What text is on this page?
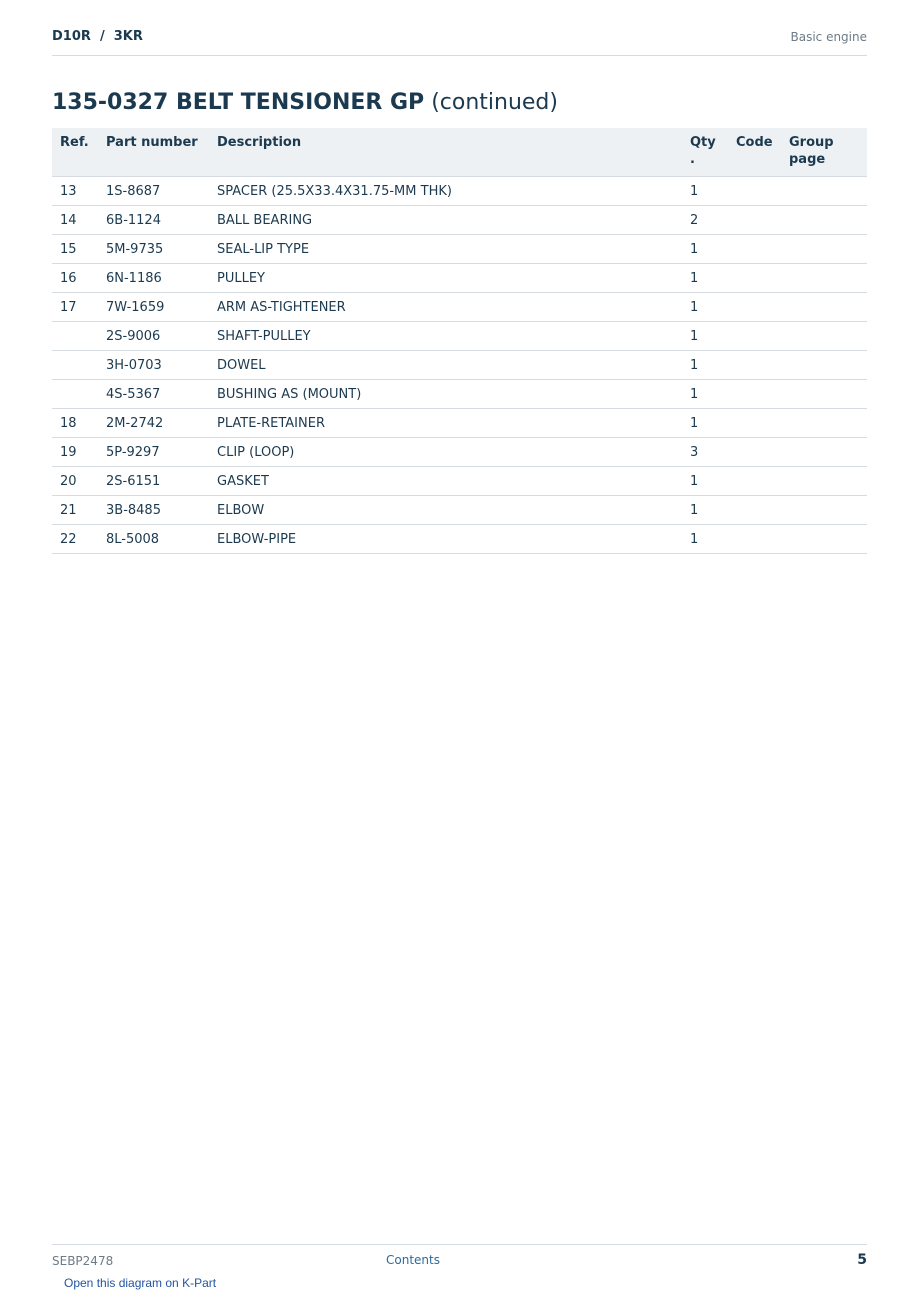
D10R  /  3KR	Basic engine
135-0327 BELT TENSIONER GP (continued)
Ref.	Part number	Description	Qty .	Code	Group page
13	1S-8687	SPACER (25.5X33.4X31.75-MM THK)	1		
14	6B-1124	BALL BEARING	2		
15	5M-9735	SEAL-LIP TYPE	1		
16	6N-1186	PULLEY	1		
17	7W-1659	ARM AS-TIGHTENER	1		
	2S-9006	SHAFT-PULLEY	1		
	3H-0703	DOWEL	1		
	4S-5367	BUSHING AS (MOUNT)	1		
18	2M-2742	PLATE-RETAINER	1		
19	5P-9297	CLIP (LOOP)	3		
20	2S-6151	GASKET	1		
21	3B-8485	ELBOW	1		
22	8L-5008	ELBOW-PIPE	1		
SEBP2478	Contents	5
Open this diagram on K-Part
